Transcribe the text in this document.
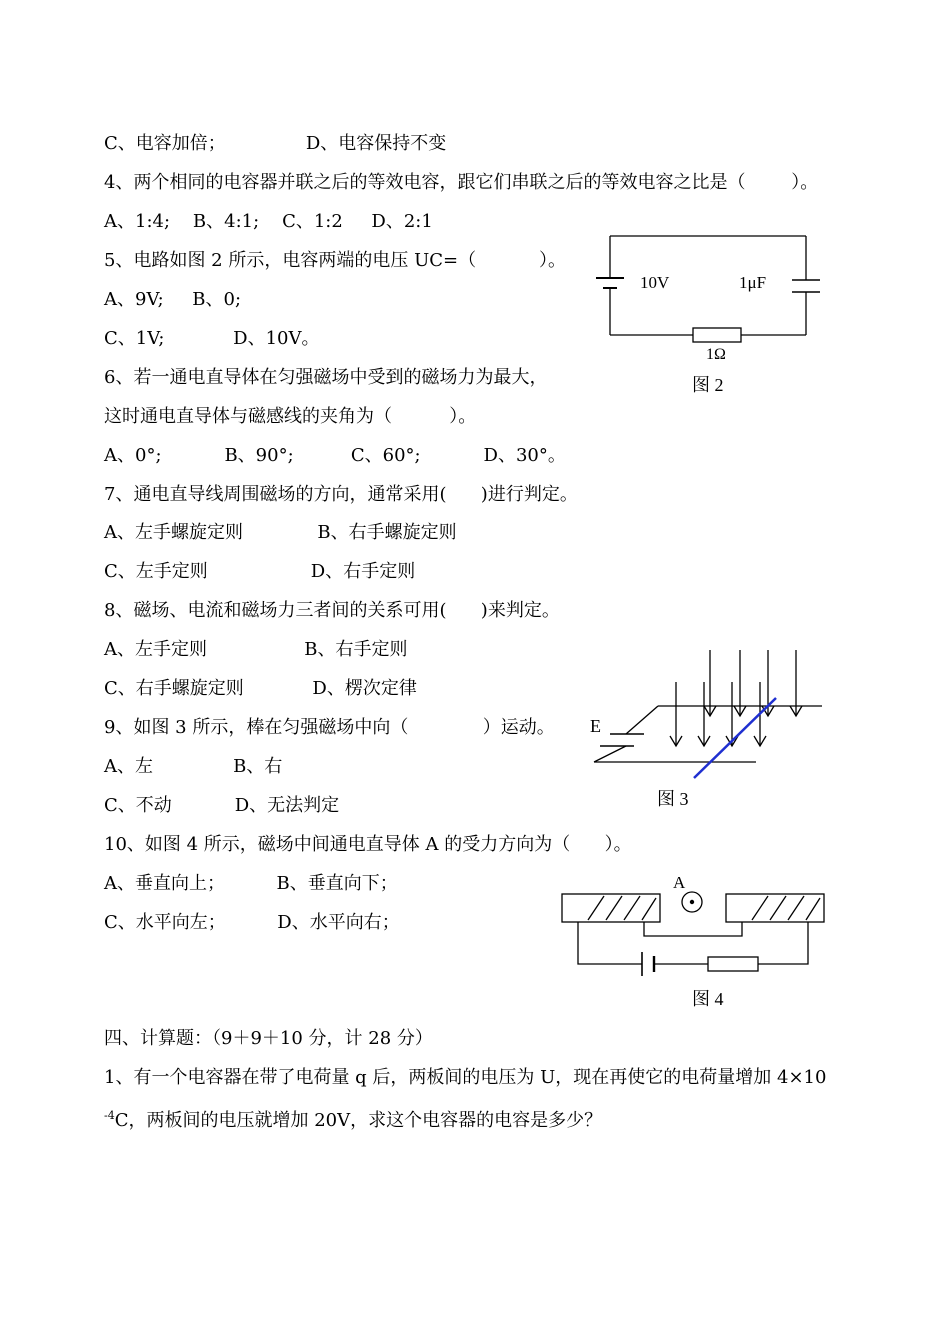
C、电容加倍；              D、电容保持不变
4、两个相同的电容器并联之后的等效电容，跟它们串联之后的等效电容之比是（        ）。
A、1:4;    B、4:1;    C、1:2     D、2:1
5、电路如图 2 所示，电容两端的电压 UC=（           ）。
A、9V;     B、0;
C、1V;            D、10V。
6、若一通电直导体在匀强磁场中受到的磁场力为最大，
这时通电直导体与磁感线的夹角为（          ）。
A、0°;           B、90°;          C、60°;           D、30°。
7、通电直导线周围磁场的方向，通常采用(      )进行判定。
A、左手螺旋定则             B、右手螺旋定则
C、左手定则                  D、右手定则
8、磁场、电流和磁场力三者间的关系可用(      )来判定。
A、左手定则                 B、右手定则
C、右手螺旋定则            D、楞次定律
9、如图 3 所示，棒在匀强磁场中向（             ）运动。
A、左              B、右
C、不动           D、无法判定
10、如图 4 所示，磁场中间通电直导体 A 的受力方向为（      ）。
A、垂直向上；         B、垂直向下；
C、水平向左；         D、水平向右；
四、计算题：（9＋9＋10 分，计 28 分）
1、有一个电容器在带了电荷量 q 后，两板间的电压为 U，现在再使它的电荷量增加 4×10
$^{-4}$C，两板间的电压就增加 20V，求这个电容器的电容是多少？
10V	1μF
1Ω
图 2
E
图 3
A
图 4
